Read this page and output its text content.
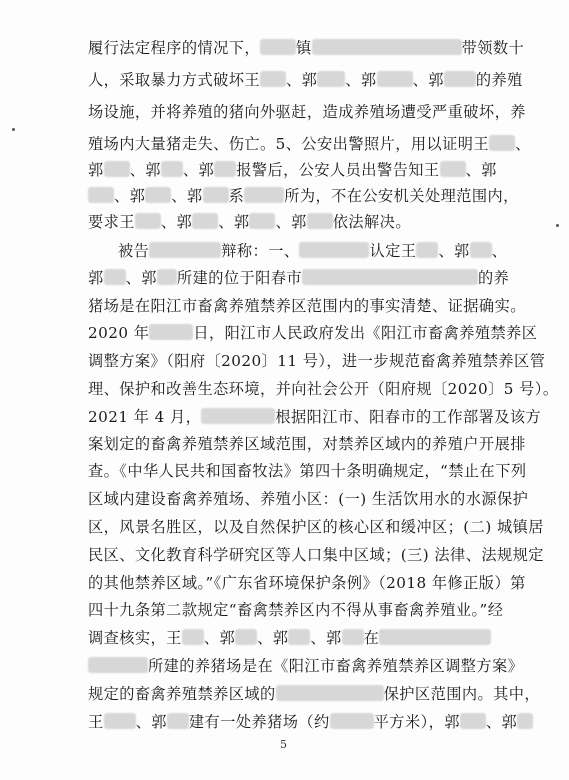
履行法定程序的情况下， 镇	带领数十
人，采取暴力方式破坏王 、郭 、郭 、郭 的养殖
场设施，并将养殖的猪向外驱赶，造成养殖场遭受严重破坏，养
殖场内大量猪走失、伤亡。5、公安出警照片，用以证明王 、
郭 、郭 、郭 报警后，公安人员出警告知王 、郭
、郭 、郭 系	所为，不在公安机关处理范围内，
要求王 、郭 、郭 、郭 依法解决。
被告	辩称：一、	认定王 、郭 、
郭 、郭 所建的位于阳春市	的养
猪场是在阳江市畜禽养殖禁养区范围内的事实清楚、证据确实。
2020 年	日，阳江市人民政府发出《阳江市畜禽养殖禁养区
调整方案》（阳府〔2020〕11 号），进一步规范畜禽养殖禁养区管
理、保护和改善生态环境，并向社会公开（阳府规〔2020〕5 号）。
2021 年 4 月，	根据阳江市、阳春市的工作部署及该方
案划定的畜禽养殖禁养区域范围，对禁养区域内的养殖户开展排
查。《中华人民共和国畜牧法》第四十条明确规定，“禁止在下列
区域内建设畜禽养殖场、养殖小区：(一) 生活饮用水的水源保护
区，风景名胜区，以及自然保护区的核心区和缓冲区；(二) 城镇居
民区、文化教育科学研究区等人口集中区域；(三) 法律、法规规定
的其他禁养区域。”《广东省环境保护条例》（2018 年修正版）第
四十九条第二款规定“畜禽禁养区内不得从事畜禽养殖业。”经
调查核实，王 、郭 、郭 、郭 在
所建的养猪场是在《阳江市畜禽养殖禁养区调整方案》
规定的畜禽养殖禁养区域的	保护区范围内。其中，
王 、郭 建有一处养猪场（约	平方米），郭 、郭
5
